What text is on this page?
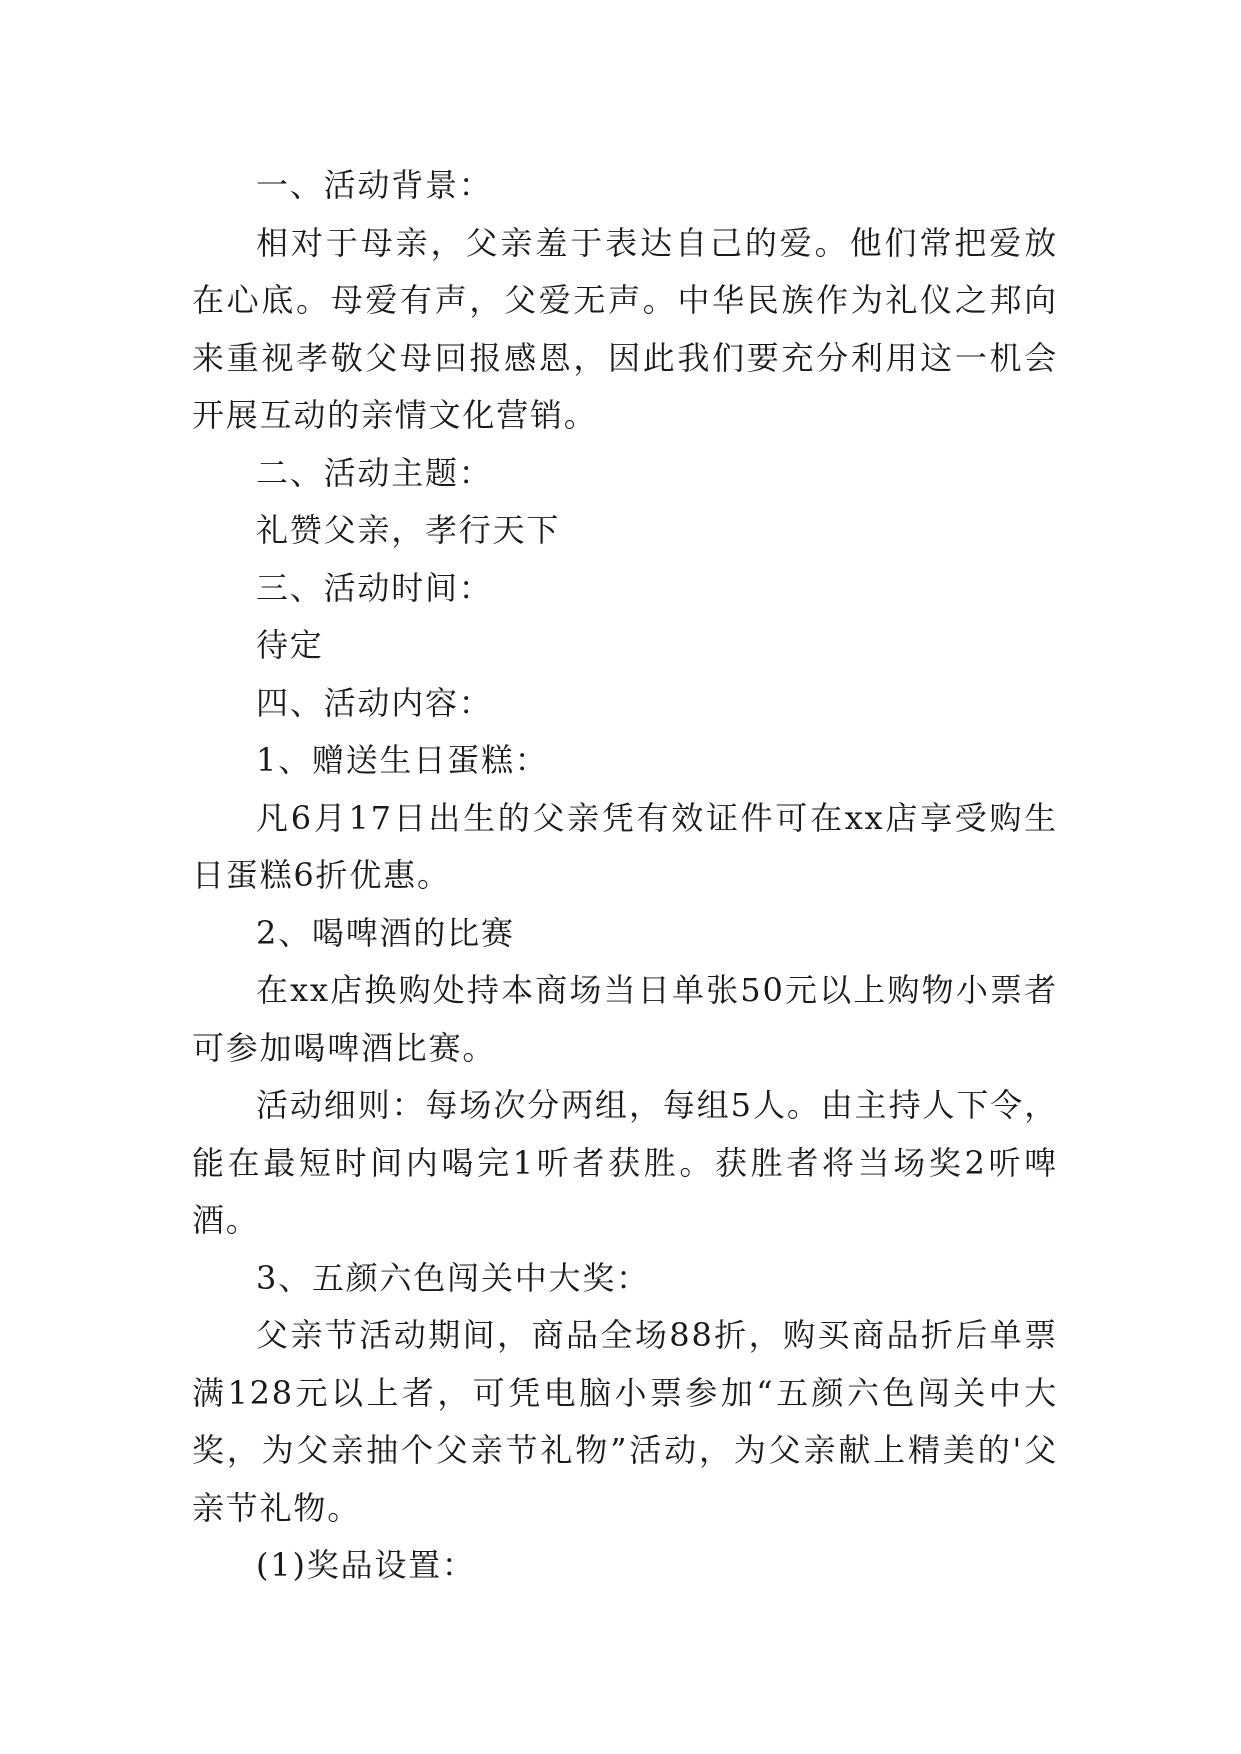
一、活动背景：

相对于母亲，父亲羞于表达自己的爱。他们常把爱放在心底。母爱有声，父爱无声。中华民族作为礼仪之邦向来重视孝敬父母回报感恩，因此我们要充分利用这一机会开展互动的亲情文化营销。

二、活动主题：

礼赞父亲，孝行天下

三、活动时间：

待定

四、活动内容：

1、赠送生日蛋糕：

凡6月17日出生的父亲凭有效证件可在xx店享受购生日蛋糕6折优惠。

2、喝啤酒的比赛

在xx店换购处持本商场当日单张50元以上购物小票者可参加喝啤酒比赛。

活动细则：每场次分两组，每组5人。由主持人下令，能在最短时间内喝完1听者获胜。获胜者将当场奖2听啤酒。

3、五颜六色闯关中大奖：

父亲节活动期间，商品全场88折，购买商品折后单票满128元以上者，可凭电脑小票参加“五颜六色闯关中大奖，为父亲抽个父亲节礼物”活动，为父亲献上精美的'父亲节礼物。

(1)奖品设置：
